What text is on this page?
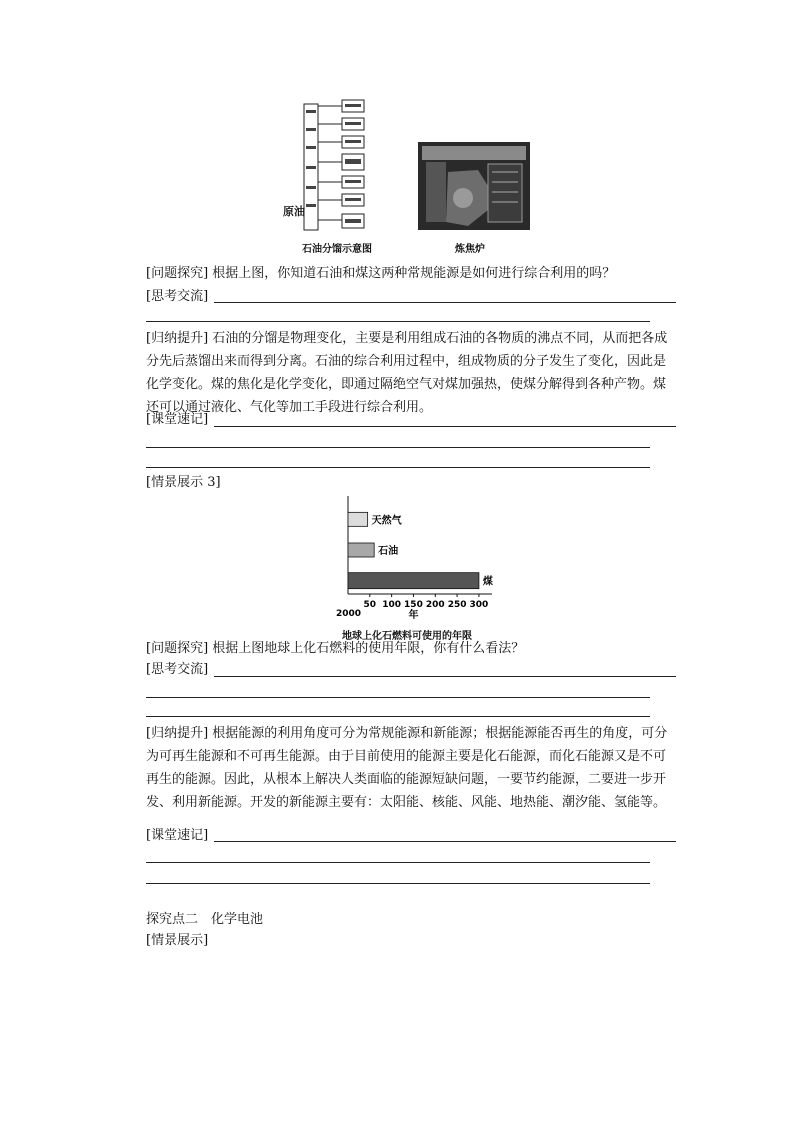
原油
石油分馏示意图	炼焦炉
[问题探究] 根据上图，你知道石油和煤这两种常规能源是如何进行综合利用的吗？
[思考交流]
[归纳提升] 石油的分馏是物理变化，主要是利用组成石油的各物质的沸点不同，从而把各成分先后蒸馏出来而得到分离。石油的综合利用过程中，组成物质的分子发生了变化，因此是化学变化。煤的焦化是化学变化，即通过隔绝空气对煤加强热，使煤分解得到各种产物。煤还可以通过液化、气化等加工手段进行综合利用。
[课堂速记]
[情景展示 3]
天然气
石油
煤
2000
50 100 150 200 250 300
年
地球上化石燃料可使用的年限
[问题探究] 根据上图地球上化石燃料的使用年限，你有什么看法？
[思考交流]
[归纳提升] 根据能源的利用角度可分为常规能源和新能源；根据能源能否再生的角度，可分为可再生能源和不可再生能源。由于目前使用的能源主要是化石能源，而化石能源又是不可再生的能源。因此，从根本上解决人类面临的能源短缺问题，一要节约能源，二要进一步开发、利用新能源。开发的新能源主要有：太阳能、核能、风能、地热能、潮汐能、氢能等。
[课堂速记]
探究点二　化学电池
[情景展示]
